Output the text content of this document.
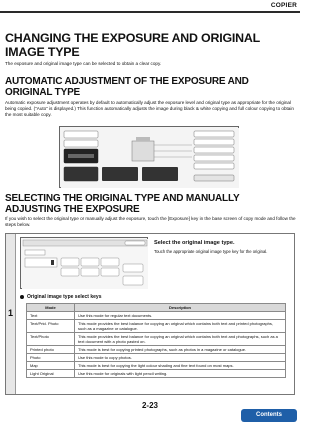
COPIER
CHANGING THE EXPOSURE AND ORIGINAL IMAGE TYPE
The exposure and original image type can be selected to obtain a clear copy.
AUTOMATIC ADJUSTMENT OF THE EXPOSURE AND ORIGINAL TYPE
Automatic exposure adjustment operates by default to automatically adjust the exposure level and original type as appropriate for the original being copied. ("Auto" is displayed.) This function automatically adjusts the image during black & white copying and full colour copying to obtain the most suitable copy.
SELECTING THE ORIGINAL TYPE AND MANUALLY ADJUSTING THE EXPOSURE
If you wish to select the original type or manually adjust the exposure, touch the [Exposure] key in the base screen of copy mode and follow the steps below.
1
Select the original image type.
Touch the appropriate original image type key for the original.
Original image type select keys
Mode	Description
Text	Use this mode for regular text documents.
Text/Prtd. Photo	This mode provides the best balance for copying an original which contains both text and printed photographs, such as a magazine or catalogue.
Text/Photo	This mode provides the best balance for copying an original which contains both text and photographs, such as a text document with a photo pasted on.
Printed photo	This mode is best for copying printed photographs, such as photos in a magazine or catalogue.
Photo	Use this mode to copy photos.
Map	This mode is best for copying the light colour shading and fine text found on most maps.
Light Original	Use this mode for originals with light pencil writing.
2-23
Contents
